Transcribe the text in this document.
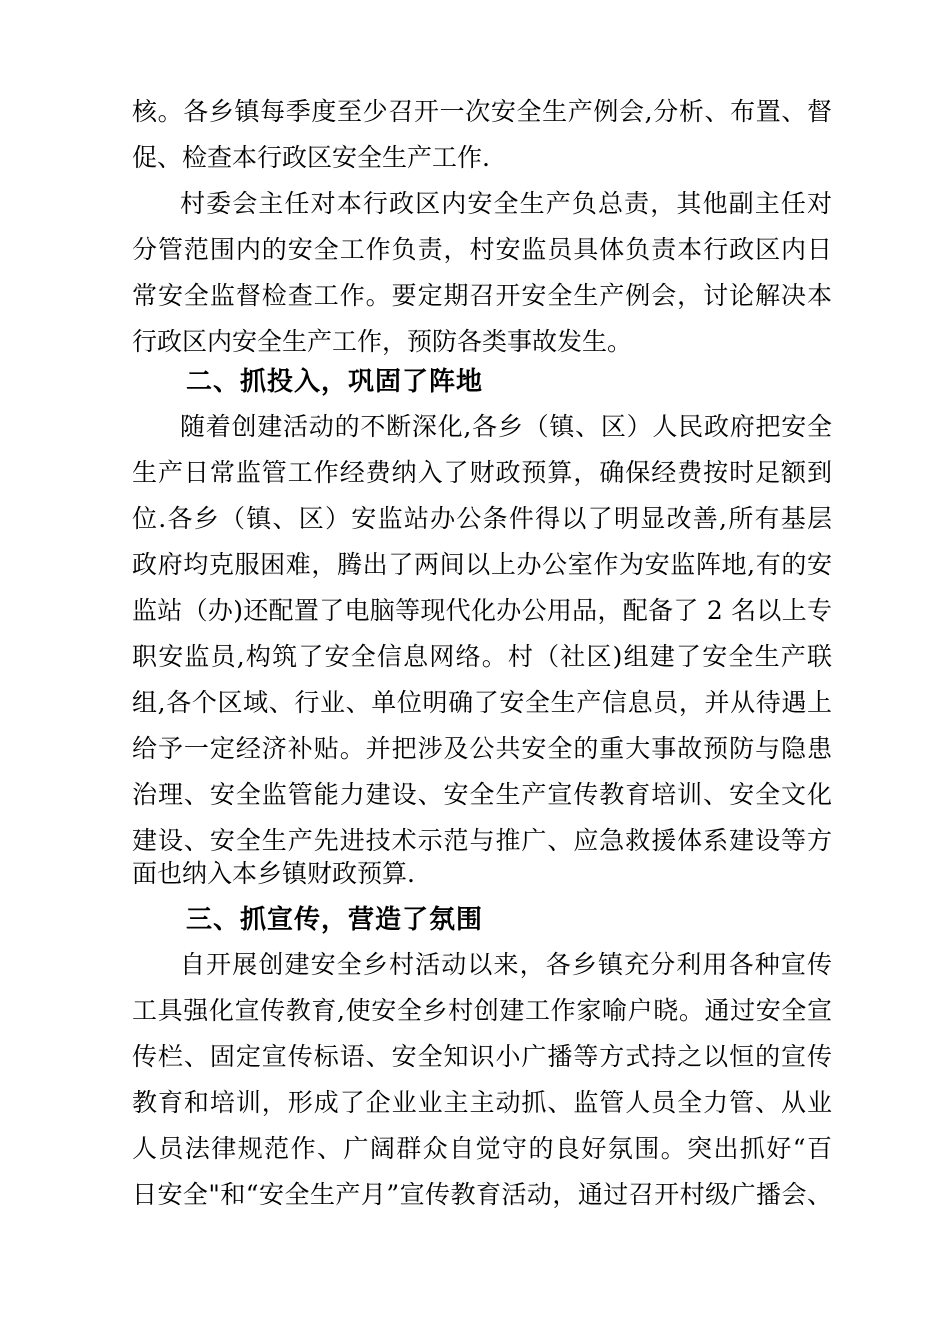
核。各乡镇每季度至少召开一次安全生产例会,分析、布置、督
促、检查本行政区安全生产工作.
村委会主任对本行政区内安全生产负总责，其他副主任对
分管范围内的安全工作负责，村安监员具体负责本行政区内日
常安全监督检查工作。要定期召开安全生产例会，讨论解决本
行政区内安全生产工作，预防各类事故发生。
二、抓投入，巩固了阵地
随着创建活动的不断深化,各乡（镇、区）人民政府把安全
生产日常监管工作经费纳入了财政预算，确保经费按时足额到
位.各乡（镇、区）安监站办公条件得以了明显改善,所有基层
政府均克服困难，腾出了两间以上办公室作为安监阵地,有的安
监站（办)还配置了电脑等现代化办公用品，配备了 2 名以上专
职安监员,构筑了安全信息网络。村（社区)组建了安全生产联
组,各个区域、行业、单位明确了安全生产信息员，并从待遇上
给予一定经济补贴。并把涉及公共安全的重大事故预防与隐患
治理、安全监管能力建设、安全生产宣传教育培训、安全文化
建设、安全生产先进技术示范与推广、应急救援体系建设等方
面也纳入本乡镇财政预算.
三、抓宣传，营造了氛围
自开展创建安全乡村活动以来，各乡镇充分利用各种宣传
工具强化宣传教育,使安全乡村创建工作家喻户晓。通过安全宣
传栏、固定宣传标语、安全知识小广播等方式持之以恒的宣传
教育和培训，形成了企业业主主动抓、监管人员全力管、从业
人员法律规范作、广阔群众自觉守的良好氛围。突出抓好“百
日安全"和“安全生产月”宣传教育活动，通过召开村级广播会、
